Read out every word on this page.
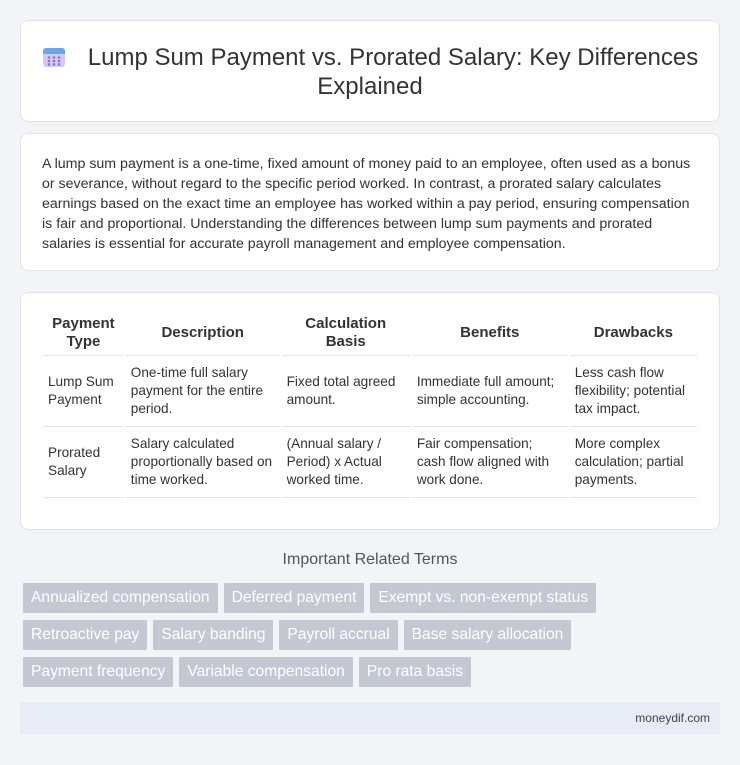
Lump Sum Payment vs. Prorated Salary: Key Differences Explained

A lump sum payment is a one-time, fixed amount of money paid to an employee, often used as a bonus or severance, without regard to the specific period worked. In contrast, a prorated salary calculates earnings based on the exact time an employee has worked within a pay period, ensuring compensation is fair and proportional. Understanding the differences between lump sum payments and prorated salaries is essential for accurate payroll management and employee compensation.

Payment Type	Description	Calculation Basis	Benefits	Drawbacks
Lump Sum Payment	One-time full salary payment for the entire period.	Fixed total agreed amount.	Immediate full amount; simple accounting.	Less cash flow flexibility; potential tax impact.
Prorated Salary	Salary calculated proportionally based on time worked.	(Annual salary / Period) x Actual worked time.	Fair compensation; cash flow aligned with work done.	More complex calculation; partial payments.
Important Related Terms
Annualized compensation	Deferred payment	Exempt vs. non-exempt status
Retroactive pay	Salary banding	Payroll accrual	Base salary allocation
Payment frequency	Variable compensation	Pro rata basis
moneydif.com
